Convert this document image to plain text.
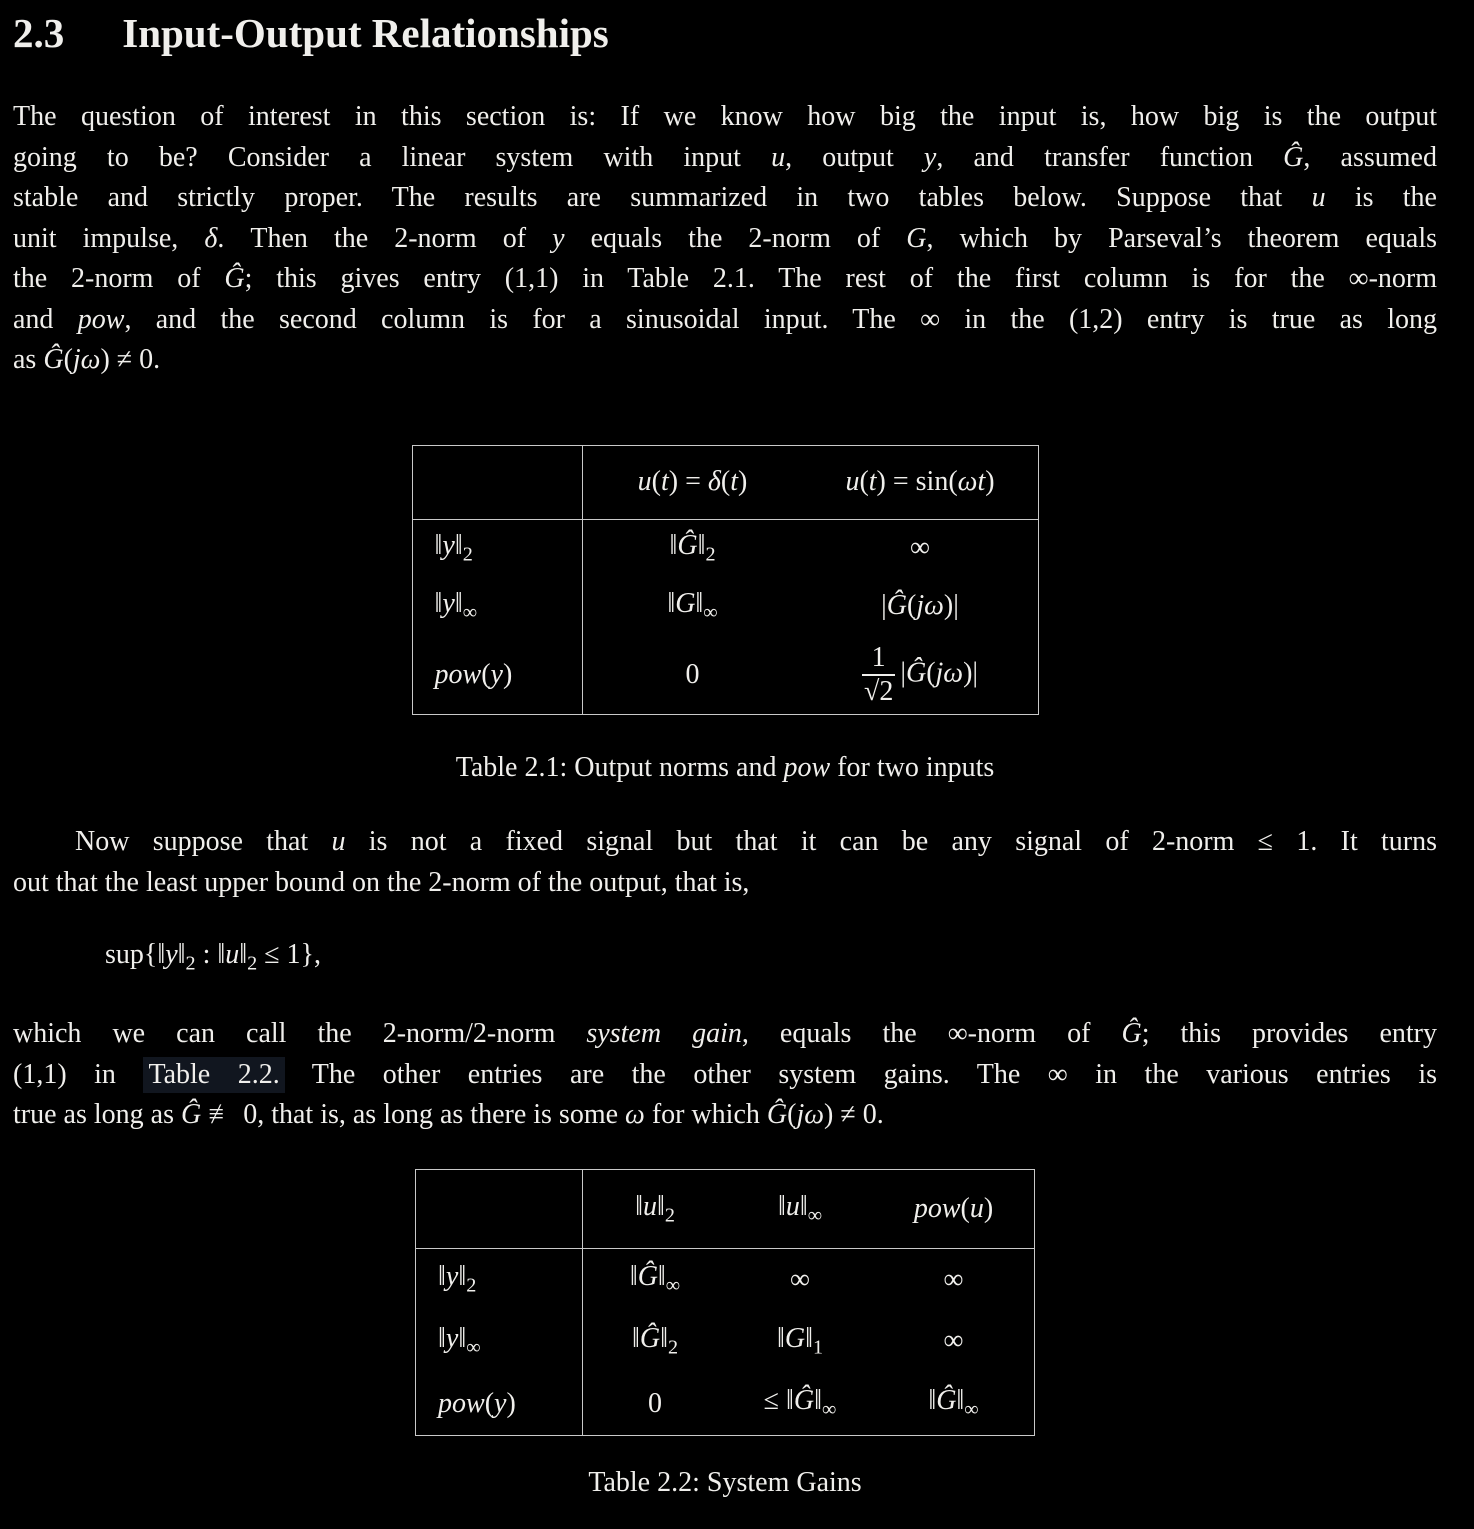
2.3 Input-Output Relationships

The question of interest in this section is: If we know how big the input is, how big is the output
going to be? Consider a linear system with input u, output y, and transfer function Ĝ, assumed
stable and strictly proper. The results are summarized in two tables below. Suppose that u is the
unit impulse, δ. Then the 2-norm of y equals the 2-norm of G, which by Parseval’s theorem equals
the 2-norm of Ĝ; this gives entry (1,1) in Table 2.1. The rest of the first column is for the ∞-norm
and pow, and the second column is for a sinusoidal input. The ∞ in the (1,2) entry is true as long
as Ĝ(jω) ≠ 0.

	u(t) = δ(t)	u(t) = sin(ωt)
$‖y‖_2$	$‖Ĝ‖_2$	∞
$‖y‖_\infty$	$‖G‖_\infty$	|Ĝ(jω)|
pow(y)	0	$\frac{1}{√2}$ |Ĝ(jω)|
Table 2.1: Output norms and pow for two inputs

Now suppose that u is not a fixed signal but that it can be any signal of 2-norm ≤ 1. It turns
out that the least upper bound on the 2-norm of the output, that is,

$sup\{‖y‖_2$ : $‖u‖_2 \le 1$},

which we can call the 2-norm/2-norm system gain, equals the ∞-norm of Ĝ; this provides entry
(1,1) in Table 2.2. The other entries are the other system gains. The ∞ in the various entries is
true as long as Ĝ ≢ 0, that is, as long as there is some ω for which Ĝ(jω) ≠ 0.

	$‖u‖_2$	$‖u‖_\infty$	pow(u)
$‖y‖_2$	$‖Ĝ‖_\infty$	∞	∞
$‖y‖_\infty$	$‖Ĝ‖_2$	$‖G‖_1$	∞
pow(y)	0	≤ $‖Ĝ‖_\infty$	$‖Ĝ‖_\infty$
Table 2.2: System Gains
